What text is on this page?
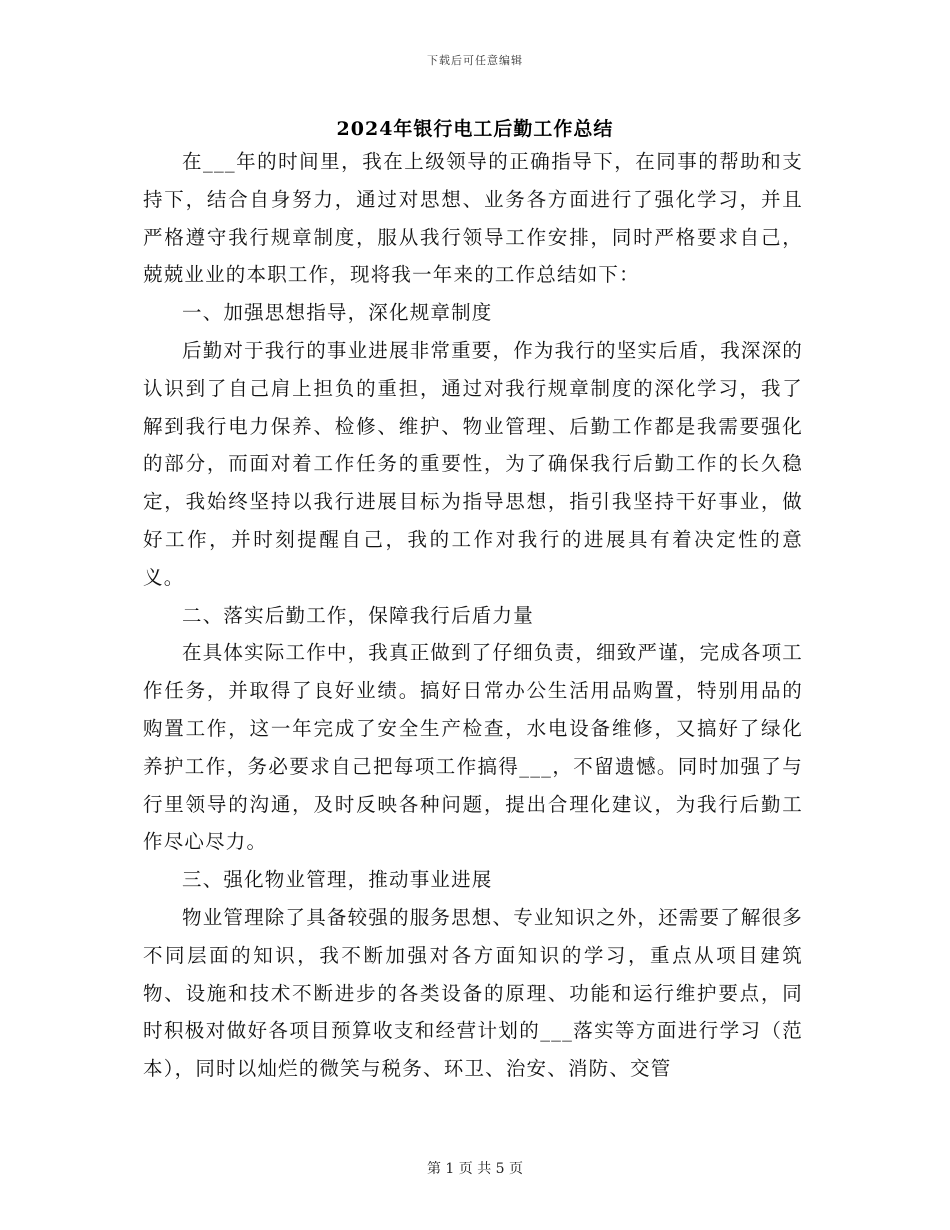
下载后可任意编辑
2024年银行电工后勤工作总结

在___年的时间里，我在上级领导的正确指导下，在同事的帮助和支持下，结合自身努力，通过对思想、业务各方面进行了强化学习，并且严格遵守我行规章制度，服从我行领导工作安排，同时严格要求自己，兢兢业业的本职工作，现将我一年来的工作总结如下：

一、加强思想指导，深化规章制度

后勤对于我行的事业进展非常重要，作为我行的坚实后盾，我深深的认识到了自己肩上担负的重担，通过对我行规章制度的深化学习，我了解到我行电力保养、检修、维护、物业管理、后勤工作都是我需要强化的部分，而面对着工作任务的重要性，为了确保我行后勤工作的长久稳定，我始终坚持以我行进展目标为指导思想，指引我坚持干好事业，做好工作，并时刻提醒自己，我的工作对我行的进展具有着决定性的意义。

二、落实后勤工作，保障我行后盾力量

在具体实际工作中，我真正做到了仔细负责，细致严谨，完成各项工作任务，并取得了良好业绩。搞好日常办公生活用品购置，特别用品的购置工作，这一年完成了安全生产检查，水电设备维修，又搞好了绿化养护工作，务必要求自己把每项工作搞得___，不留遗憾。同时加强了与行里领导的沟通，及时反映各种问题，提出合理化建议，为我行后勤工作尽心尽力。

三、强化物业管理，推动事业进展

物业管理除了具备较强的服务思想、专业知识之外，还需要了解很多不同层面的知识，我不断加强对各方面知识的学习，重点从项目建筑物、设施和技术不断进步的各类设备的原理、功能和运行维护要点，同时积极对做好各项目预算收支和经营计划的___落实等方面进行学习（范本），同时以灿烂的微笑与税务、环卫、治安、消防、交管

第 1 页 共 5 页
